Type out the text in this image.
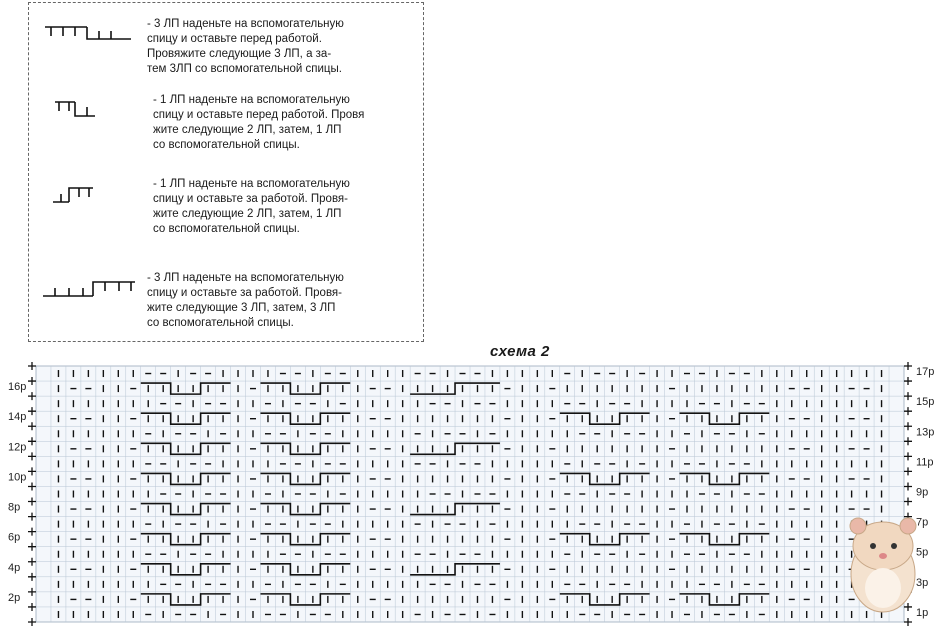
- 3 ЛП наденьте на вспомогательную
спицу и оставьте перед работой.
Провяжите следующие 3 ЛП, а за-
тем 3ЛП со вспомогательной спицы.
- 1 ЛП наденьте на вспомогательную
спицу и оставьте перед работой. Провя
жите следующие 2 ЛП, затем, 1 ЛП
со вспомогательной спицы.
- 1 ЛП наденьте на вспомогательную
спицу и оставьте за работой. Провя-
жите следующие 2 ЛП, затем, 1 ЛП
со вспомогательной спицы.
- 3 ЛП наденьте на вспомогательную
спицу и оставьте за работой. Провя-
жите следующие 3 ЛП, затем, 3 ЛП
со вспомогательной спицы.
схема 2
16р
14р
12р
10р
8р
6р
4р
2р
17р
15р
13р
11р
9р
7р
5р
3р
1р
